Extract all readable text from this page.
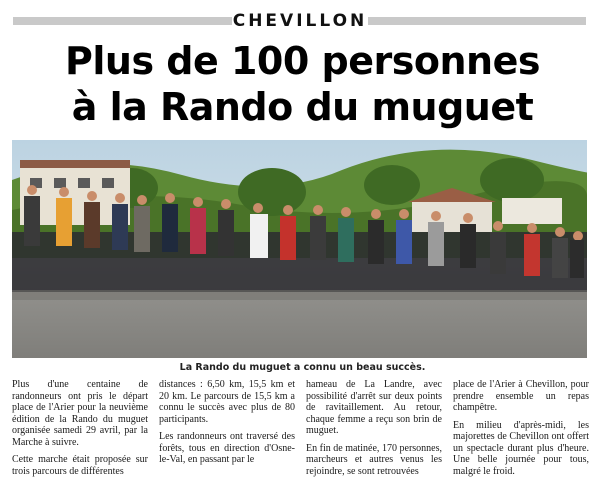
CHEVILLON
Plus de 100 personnes
à la Rando du muguet
La Rando du muguet a connu un beau succès.

Plus d'une centaine de randonneurs ont pris le départ place de l'Arier pour la neuvième édition de la Rando du muguet organisée samedi 29 avril, par la Marche à suivre.

Cette marche était proposée sur trois parcours de différentes

distances : 6,50 km, 15,5 km et 20 km. Le parcours de 15,5 km a connu le succès avec plus de 80 participants.

Les randonneurs ont traversé des forêts, tous en direction d'Osne-le-Val, en passant par le

hameau de La Landre, avec possibilité d'arrêt sur deux points de ravitaillement. Au retour, chaque femme a reçu son brin de muguet.

En fin de matinée, 170 personnes, marcheurs et autres venus les rejoindre, se sont retrouvées

place de l'Arier à Chevillon, pour prendre ensemble un repas champêtre.

En milieu d'après-midi, les majorettes de Chevillon ont offert un spectacle durant plus d'heure. Une belle journée pour tous, malgré le froid.
